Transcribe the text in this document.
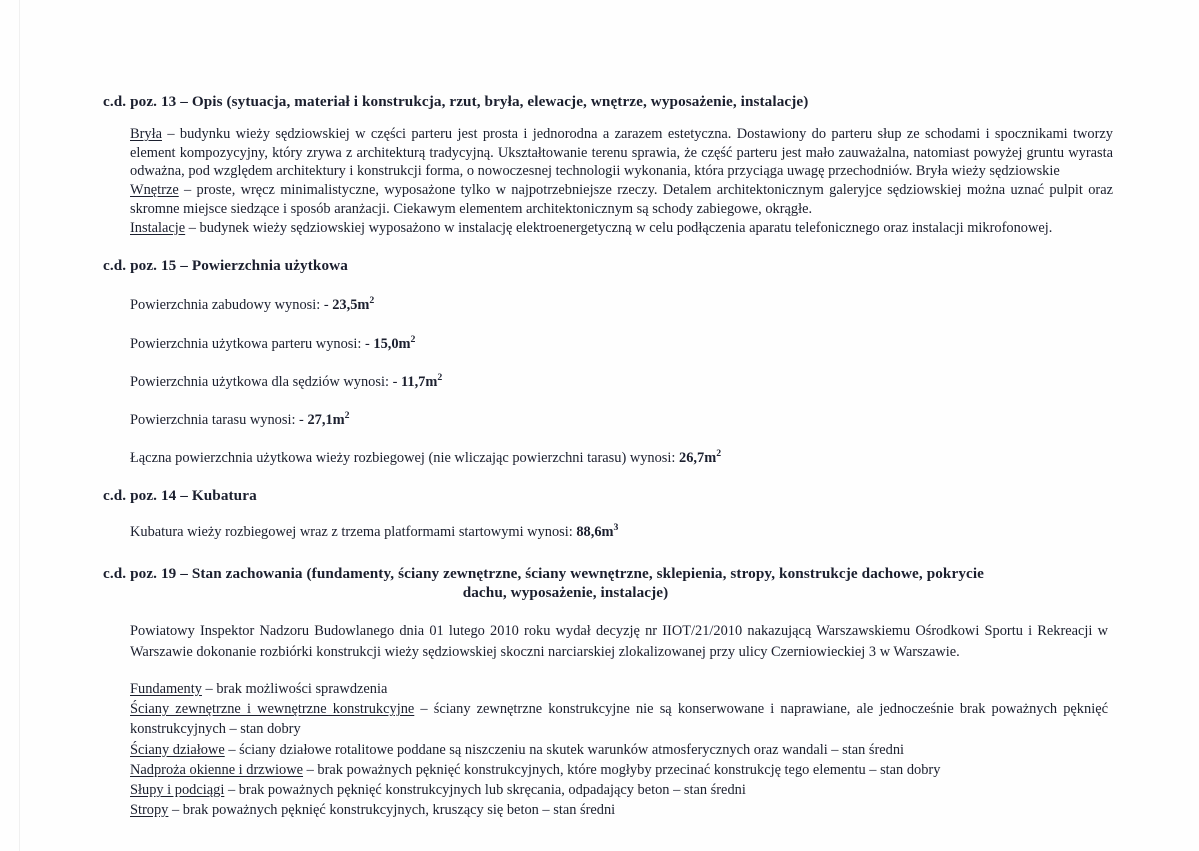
c.d. poz. 13 – Opis (sytuacja, materiał i konstrukcja, rzut, bryła, elewacje, wnętrze, wyposażenie, instalacje)

Bryła – budynku wieży sędziowskiej w części parteru jest prosta i jednorodna a zarazem estetyczna. Dostawiony do parteru słup ze schodami i spocznikami tworzy element kompozycyjny, który zrywa z architekturą tradycyjną. Ukształtowanie terenu sprawia, że część parteru jest mało zauważalna, natomiast powyżej gruntu wyrasta odważna, pod względem architektury i konstrukcji forma, o nowoczesnej technologii wykonania, która przyciąga uwagę przechodniów. Bryła wieży sędziowskie

Wnętrze – proste, wręcz minimalistyczne, wyposażone tylko w najpotrzebniejsze rzeczy. Detalem architektonicznym galeryjce sędziowskiej można uznać pulpit oraz skromne miejsce siedzące i sposób aranżacji. Ciekawym elementem architektonicznym są schody zabiegowe, okrągłe.

Instalacje – budynek wieży sędziowskiej wyposażono w instalację elektroenergetyczną w celu podłączenia aparatu telefonicznego oraz instalacji mikrofonowej.

c.d. poz. 15 – Powierzchnia użytkowa

Powierzchnia zabudowy wynosi: - $23,5m^2$

Powierzchnia użytkowa parteru wynosi: - $15,0m^2$

Powierzchnia użytkowa dla sędziów wynosi: - $11,7m^2$

Powierzchnia tarasu wynosi: - $27,1m^2$

Łączna powierzchnia użytkowa wieży rozbiegowej (nie wliczając powierzchni tarasu) wynosi: $26,7m^2$
c.d. poz. 14 – Kubatura
Kubatura wieży rozbiegowej wraz z trzema platformami startowymi wynosi: $88,6m^3$
c.d. poz. 19 – Stan zachowania (fundamenty, ściany zewnętrzne, ściany wewnętrzne, sklepienia, stropy, konstrukcje dachowe, pokrycie
dachu, wyposażenie, instalacje)
Powiatowy Inspektor Nadzoru Budowlanego dnia 01 lutego 2010 roku wydał decyzję nr IIOT/21/2010 nakazującą Warszawskiemu Ośrodkowi Sportu i Rekreacji w Warszawie dokonanie rozbiórki konstrukcji wieży sędziowskiej skoczni narciarskiej zlokalizowanej przy ulicy Czerniowieckiej 3 w Warszawie.

Fundamenty – brak możliwości sprawdzenia

Ściany zewnętrzne i wewnętrzne konstrukcyjne – ściany zewnętrzne konstrukcyjne nie są konserwowane i naprawiane, ale jednocześnie brak poważnych pęknięć konstrukcyjnych – stan dobry

Ściany działowe – ściany działowe rotalitowe poddane są niszczeniu na skutek warunków atmosferycznych oraz wandali – stan średni

Nadproża okienne i drzwiowe – brak poważnych pęknięć konstrukcyjnych, które mogłyby przecinać konstrukcję tego elementu – stan dobry

Słupy i podciągi – brak poważnych pęknięć konstrukcyjnych lub skręcania, odpadający beton – stan średni

Stropy – brak poważnych pęknięć konstrukcyjnych, kruszący się beton – stan średni
